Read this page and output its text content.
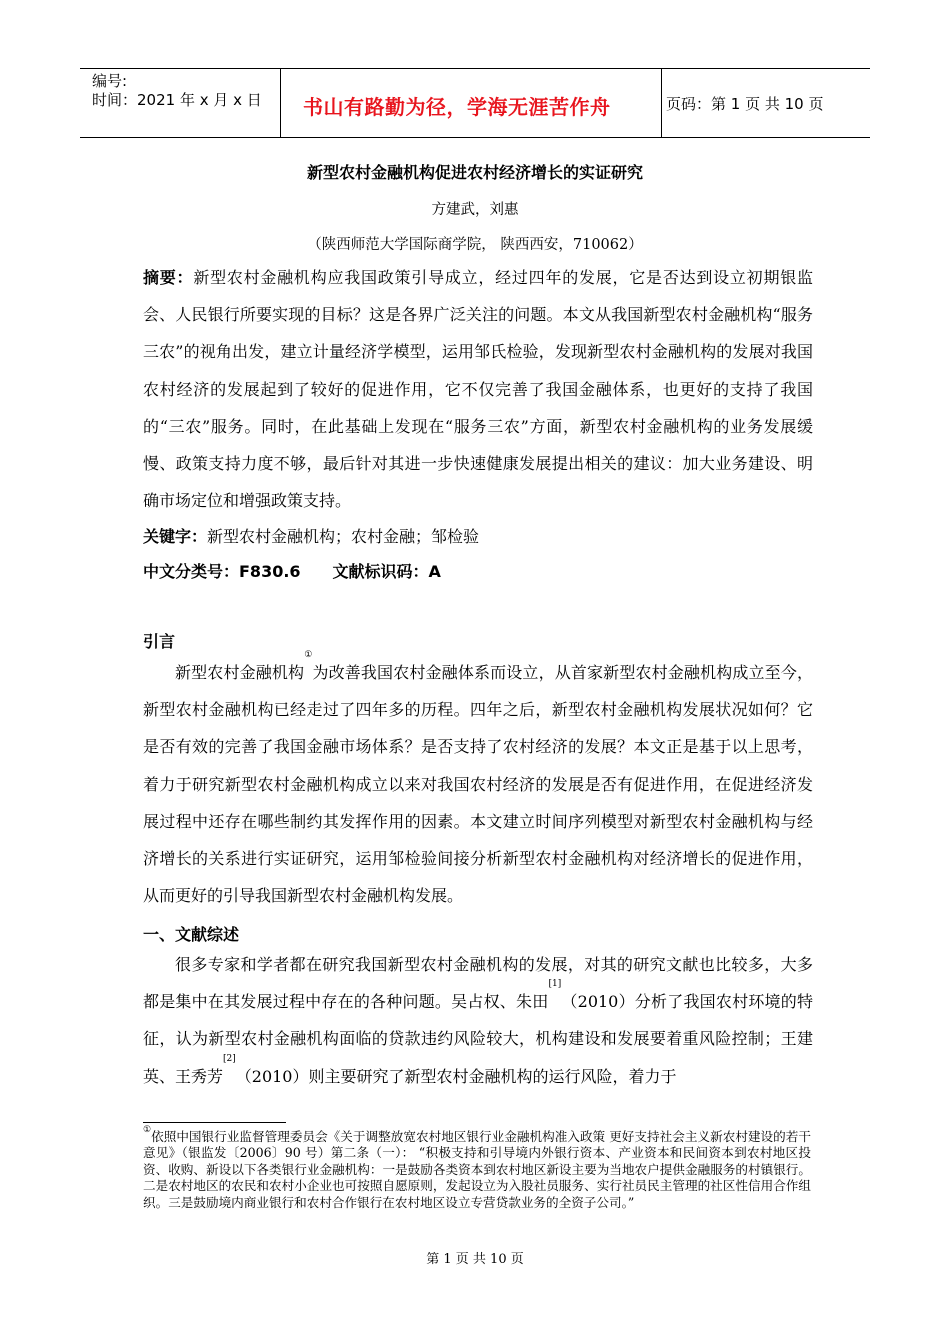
编号:
时间：2021 年 x 月 x 日 书山有路勤为径，学海无涯苦作舟	页码：第 1 页 共 10 页
新型农村金融机构促进农村经济增长的实证研究
方建武，刘惠
（陕西师范大学国际商学院， 陕西西安，710062）

摘要：新型农村金融机构应我国政策引导成立，经过四年的发展，它是否达到设立初期银监会、人民银行所要实现的目标？这是各界广泛关注的问题。本文从我国新型农村金融机构“服务三农”的视角出发，建立计量经济学模型，运用邹氏检验，发现新型农村金融机构的发展对我国农村经济的发展起到了较好的促进作用，它不仅完善了我国金融体系，也更好的支持了我国的“三农”服务。同时，在此基础上发现在“服务三农”方面，新型农村金融机构的业务发展缓慢、政策支持力度不够，最后针对其进一步快速健康发展提出相关的建议：加大业务建设、明确市场定位和增强政策支持。

关键字：新型农村金融机构；农村金融；邹检验
中文分类号：F830.6 文献标识码：A
引言

新型农村金融机构①为改善我国农村金融体系而设立，从首家新型农村金融机构成立至今，新型农村金融机构已经走过了四年多的历程。四年之后，新型农村金融机构发展状况如何？它是否有效的完善了我国金融市场体系？是否支持了农村经济的发展？本文正是基于以上思考，着力于研究新型农村金融机构成立以来对我国农村经济的发展是否有促进作用，在促进经济发展过程中还存在哪些制约其发挥作用的因素。本文建立时间序列模型对新型农村金融机构与经济增长的关系进行实证研究，运用邹检验间接分析新型农村金融机构对经济增长的促进作用，从而更好的引导我国新型农村金融机构发展。

一、文献综述

很多专家和学者都在研究我国新型农村金融机构的发展，对其的研究文献也比较多，大多都是集中在其发展过程中存在的各种问题。吴占权、朱田[1]（2010）分析了我国农村环境的特征，认为新型农村金融机构面临的贷款违约风险较大，机构建设和发展要着重风险控制；王建英、王秀芳[2]（2010）则主要研究了新型农村金融机构的运行风险，着力于

①依照中国银行业监督管理委员会《关于调整放宽农村地区银行业金融机构准入政策 更好支持社会主义新农村建设的若干意见》（银监发〔2006〕90 号）第二条（一）： “积极支持和引导境内外银行资本、产业资本和民间资本到农村地区投资、收购、新设以下各类银行业金融机构：一是鼓励各类资本到农村地区新设主要为当地农户提供金融服务的村镇银行。二是农村地区的农民和农村小企业也可按照自愿原则，发起设立为入股社员服务、实行社员民主管理的社区性信用合作组织。三是鼓励境内商业银行和农村合作银行在农村地区设立专营贷款业务的全资子公司。”

第 1 页 共 10 页
